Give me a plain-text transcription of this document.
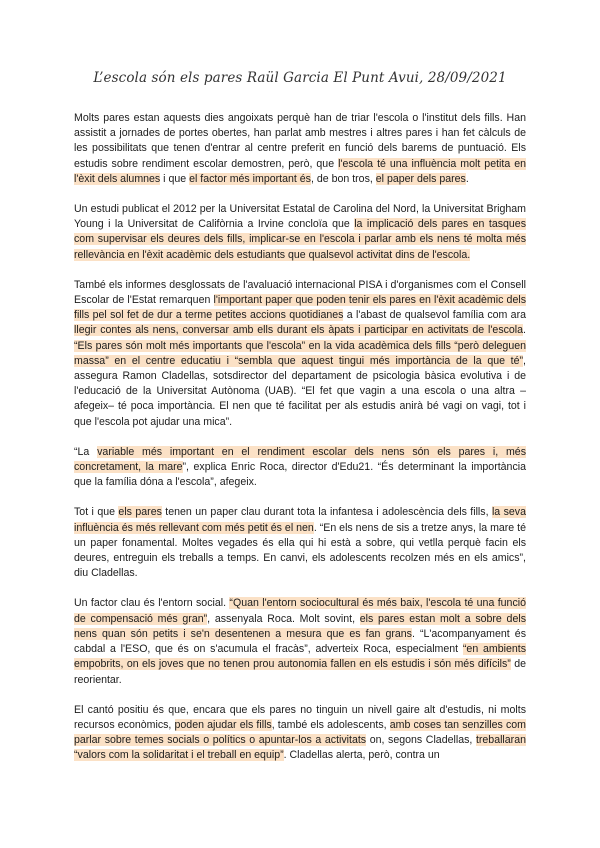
L’escola són els pares Raül Garcia El Punt Avui, 28/09/2021

Molts pares estan aquests dies angoixats perquè han de triar l'escola o l'institut dels fills. Han assistit a jornades de portes obertes, han parlat amb mestres i altres pares i han fet càlculs de les possibilitats que tenen d'entrar al centre preferit en funció dels barems de puntuació. Els estudis sobre rendiment escolar demostren, però, que l'escola té una influència molt petita en l'èxit dels alumnes i que el factor més important és, de bon tros, el paper dels pares.

Un estudi publicat el 2012 per la Universitat Estatal de Carolina del Nord, la Universitat Brigham Young i la Universitat de Califòrnia a Irvine concloïa que la implicació dels pares en tasques com supervisar els deures dels fills, implicar-se en l'escola i parlar amb els nens té molta més rellevància en l'èxit acadèmic dels estudiants que qualsevol activitat dins de l'escola.

També els informes desglossats de l'avaluació internacional PISA i d'organismes com el Consell Escolar de l'Estat remarquen l'important paper que poden tenir els pares en l'èxit acadèmic dels fills pel sol fet de dur a terme petites accions quotidianes a l'abast de qualsevol família com ara llegir contes als nens, conversar amb ells durant els àpats i participar en activitats de l'escola. “Els pares són molt més importants que l'escola” en la vida acadèmica dels fills “però deleguen massa” en el centre educatiu i “sembla que aquest tingui més importància de la que té”, assegura Ramon Cladellas, sotsdirector del departament de psicologia bàsica evolutiva i de l'educació de la Universitat Autònoma (UAB). “El fet que vagin a una escola o una altra – afegeix– té poca importància. El nen que té facilitat per als estudis anirà bé vagi on vagi, tot i que l'escola pot ajudar una mica”.

“La variable més important en el rendiment escolar dels nens són els pares i, més concretament, la mare”, explica Enric Roca, director d'Edu21. “És determinant la importància que la família dóna a l'escola”, afegeix.

Tot i que els pares tenen un paper clau durant tota la infantesa i adolescència dels fills, la seva influència és més rellevant com més petit és el nen. “En els nens de sis a tretze anys, la mare té un paper fonamental. Moltes vegades és ella qui hi està a sobre, qui vetlla perquè facin els deures, entreguin els treballs a temps. En canvi, els adolescents recolzen més en els amics”, diu Cladellas.

Un factor clau és l'entorn social. “Quan l'entorn sociocultural és més baix, l'escola té una funció de compensació més gran”, assenyala Roca. Molt sovint, els pares estan molt a sobre dels nens quan són petits i se'n desentenen a mesura que es fan grans. “L'acompanyament és cabdal a l'ESO, que és on s'acumula el fracàs”, adverteix Roca, especialment “en ambients empobrits, on els joves que no tenen prou autonomia fallen en els estudis i són més difícils” de reorientar.

El cantó positiu és que, encara que els pares no tinguin un nivell gaire alt d'estudis, ni molts recursos econòmics, poden ajudar els fills, també els adolescents, amb coses tan senzilles com parlar sobre temes socials o polítics o apuntar-los a activitats on, segons Cladellas, treballaran “valors com la solidaritat i el treball en equip”. Cladellas alerta, però, contra un
